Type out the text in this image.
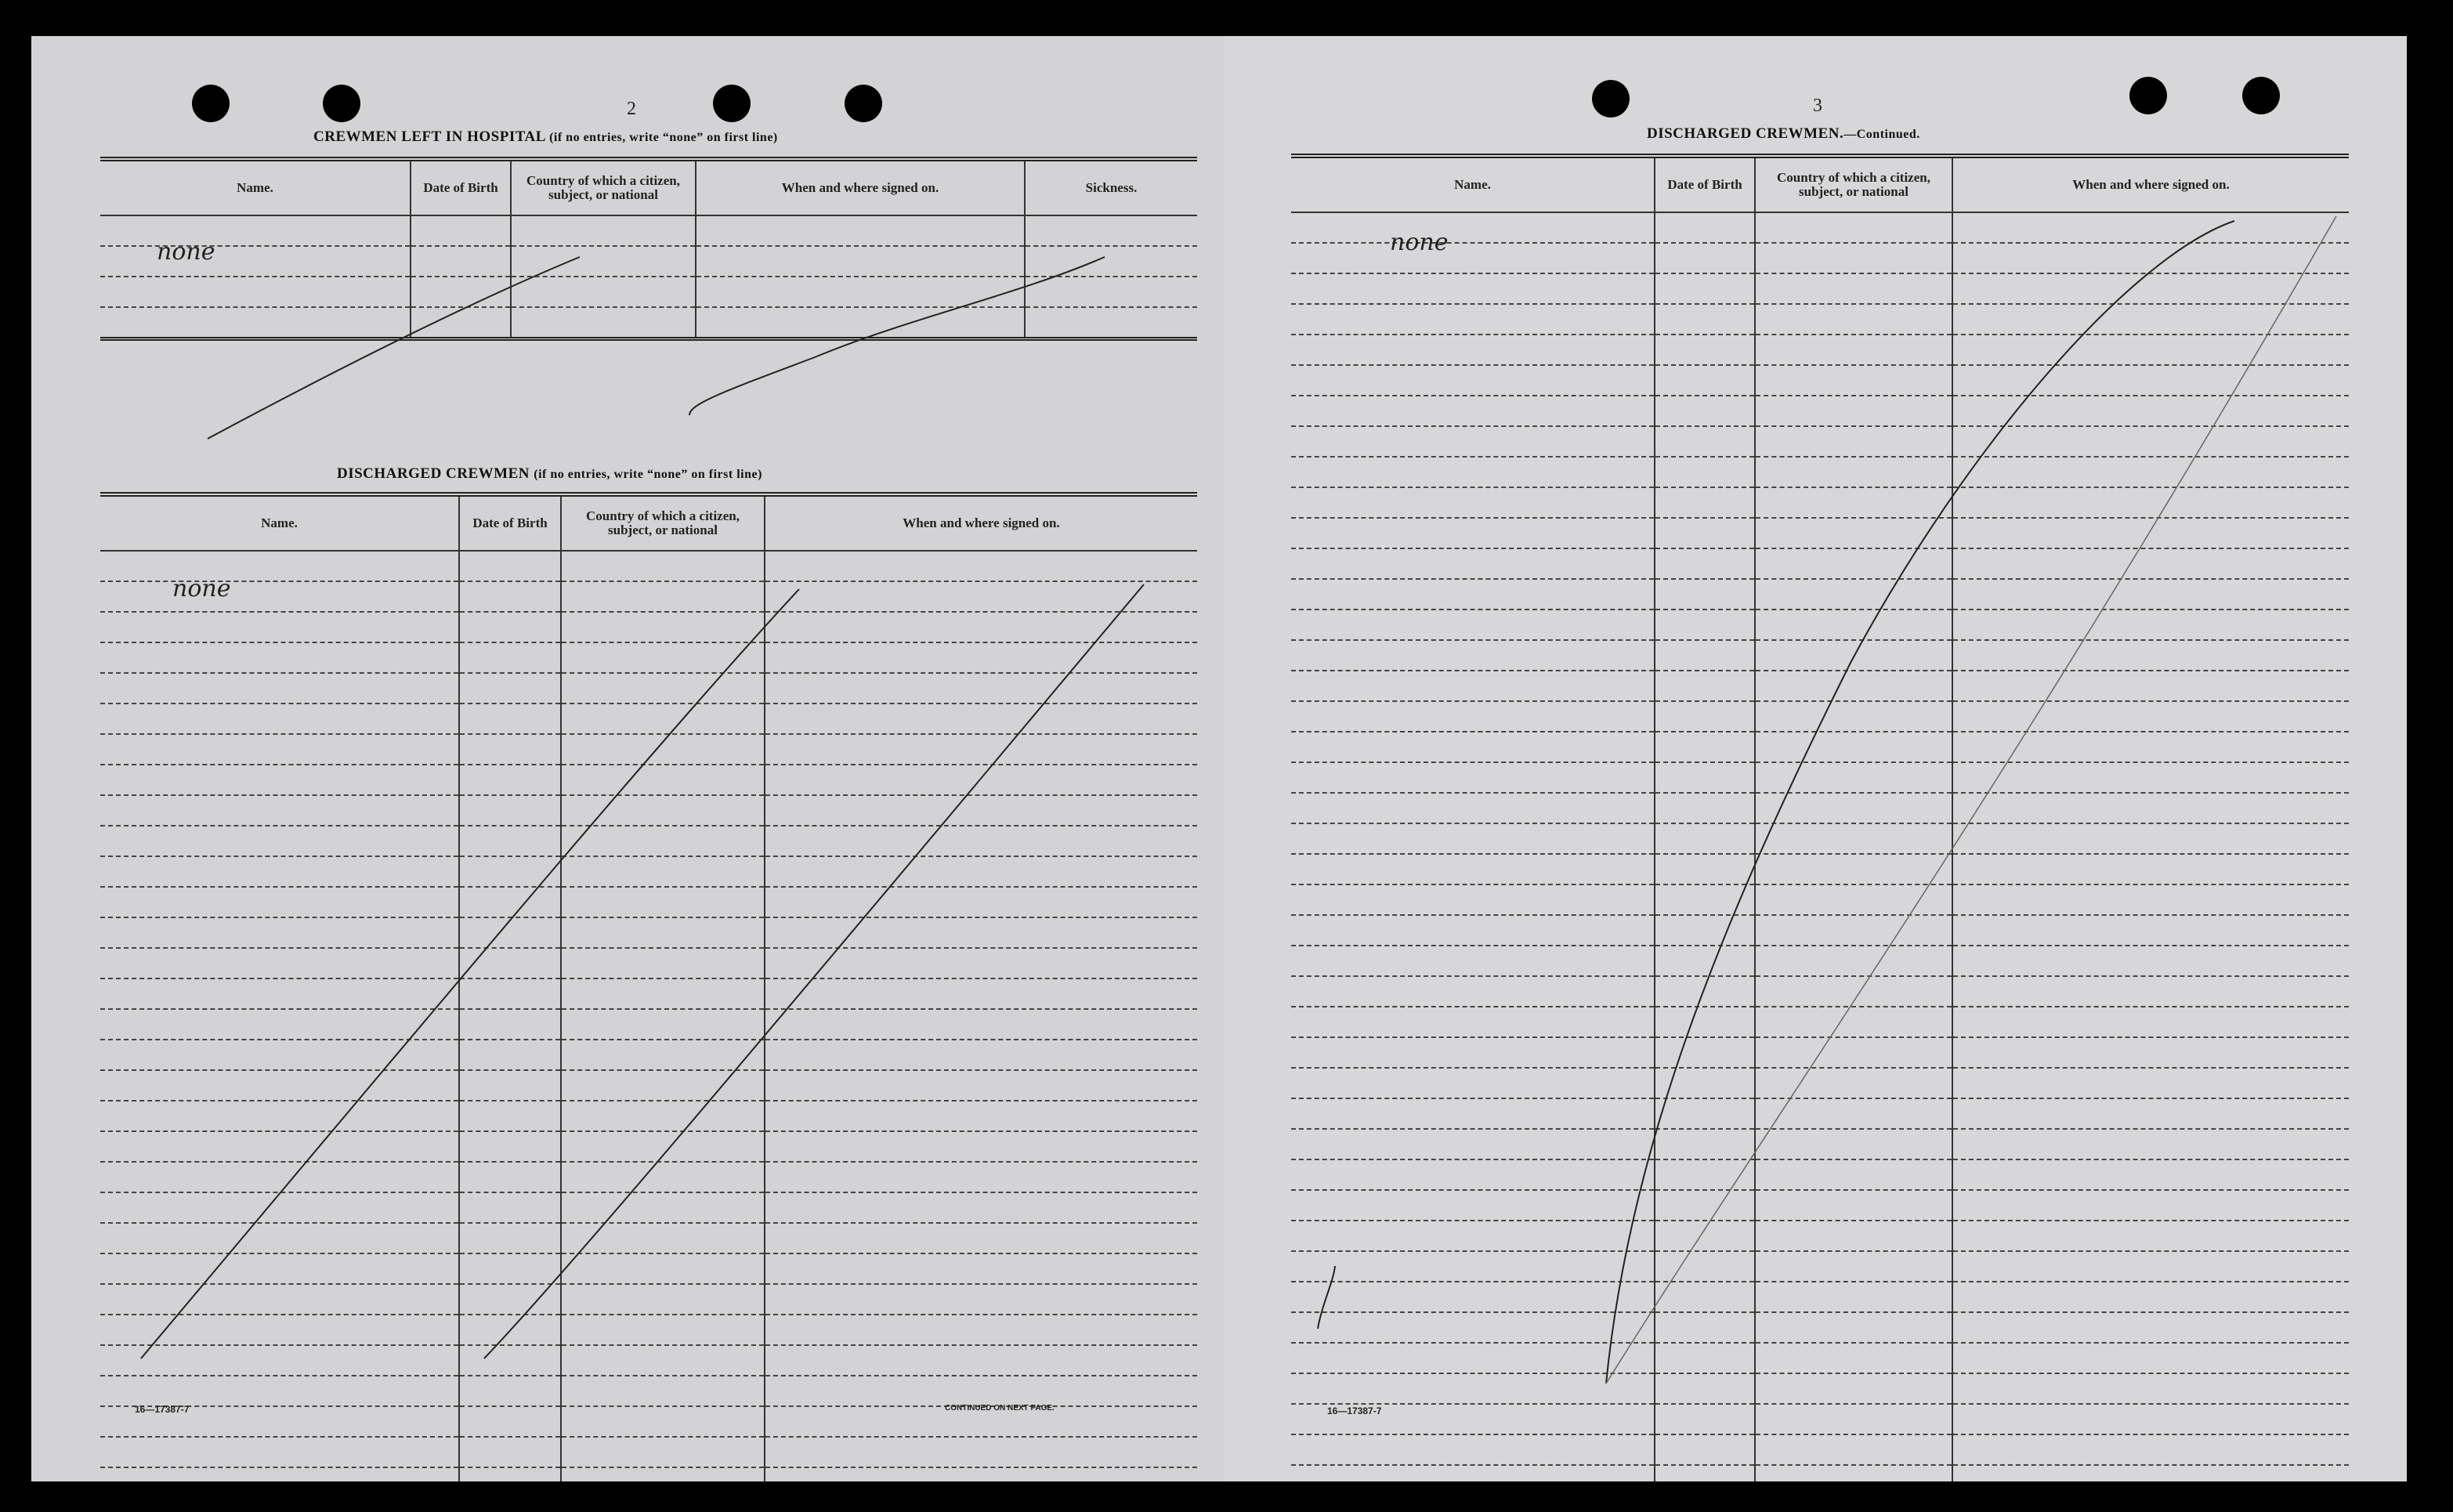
2
CREWMEN LEFT IN HOSPITAL (if no entries, write “none” on first line)
Name.	Date of Birth	Country of which a citizen, subject, or national	When and where signed on.	Sickness.

none
DISCHARGED CREWMEN (if no entries, write “none” on first line)
Name.	Date of Birth	Country of which a citizen, subject, or national	When and where signed on.

none
16—17387-7	CONTINUED ON NEXT PAGE.
3
DISCHARGED CREWMEN.—Continued.
Name.	Date of Birth	Country of which a citizen, subject, or national	When and where signed on.

none
16—17387-7
